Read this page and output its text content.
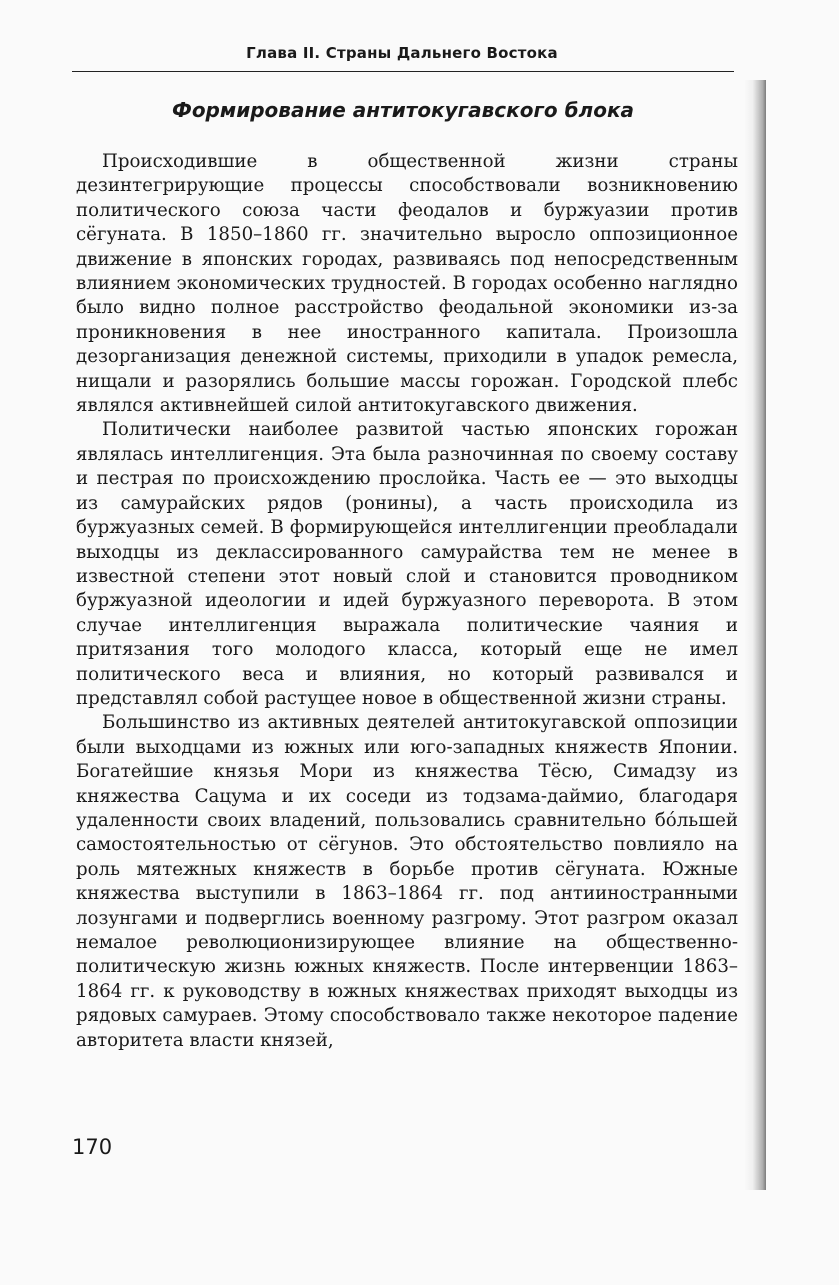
Глава II. Страны Дальнего Востока
Формирование антитокугавского блока

Происходившие в общественной жизни страны дезинтегрирующие процессы способствовали возникновению политического союза части феодалов и буржуазии против сёгуната. В 1850–1860 гг. значительно выросло оппозиционное движение в японских городах, развиваясь под непосредственным влиянием экономических трудностей. В городах особенно наглядно было видно полное расстройство феодальной экономики из-за проникновения в нее иностранного капитала. Произошла дезорганизация денежной системы, приходили в упадок ремесла, нищали и разорялись большие массы горожан. Городской плебс являлся активнейшей силой антитокугавского движения.

Политически наиболее развитой частью японских горожан являлась интеллигенция. Эта была разночинная по своему составу и пестрая по происхождению прослойка. Часть ее — это выходцы из самурайских рядов (ронины), а часть происходила из буржуазных семей. В формирующейся интеллигенции преобладали выходцы из деклассированного самурайства тем не менее в известной степени этот новый слой и становится проводником буржуазной идеологии и идей буржуазного переворота. В этом случае интеллигенция выражала политические чаяния и притязания того молодого класса, который еще не имел политического веса и влияния, но который развивался и представлял собой растущее новое в общественной жизни страны.

Большинство из активных деятелей антитокугавской оппозиции были выходцами из южных или юго-западных княжеств Японии. Богатейшие князья Мори из княжества Тёсю, Симадзу из княжества Сацума и их соседи из тодзама-даймио, благодаря удаленности своих владений, пользовались сравнительно бóльшей самостоятельностью от сёгунов. Это обстоятельство повлияло на роль мятежных княжеств в борьбе против сёгуната. Южные княжества выступили в 1863–1864 гг. под антииностранными лозунгами и подверглись военному разгрому. Этот разгром оказал немалое революционизирующее влияние на общественно-политическую жизнь южных княжеств. После интервенции 1863–1864 гг. к руководству в южных княжествах приходят выходцы из рядовых самураев. Этому способствовало также некоторое падение авторитета власти князей,

170
